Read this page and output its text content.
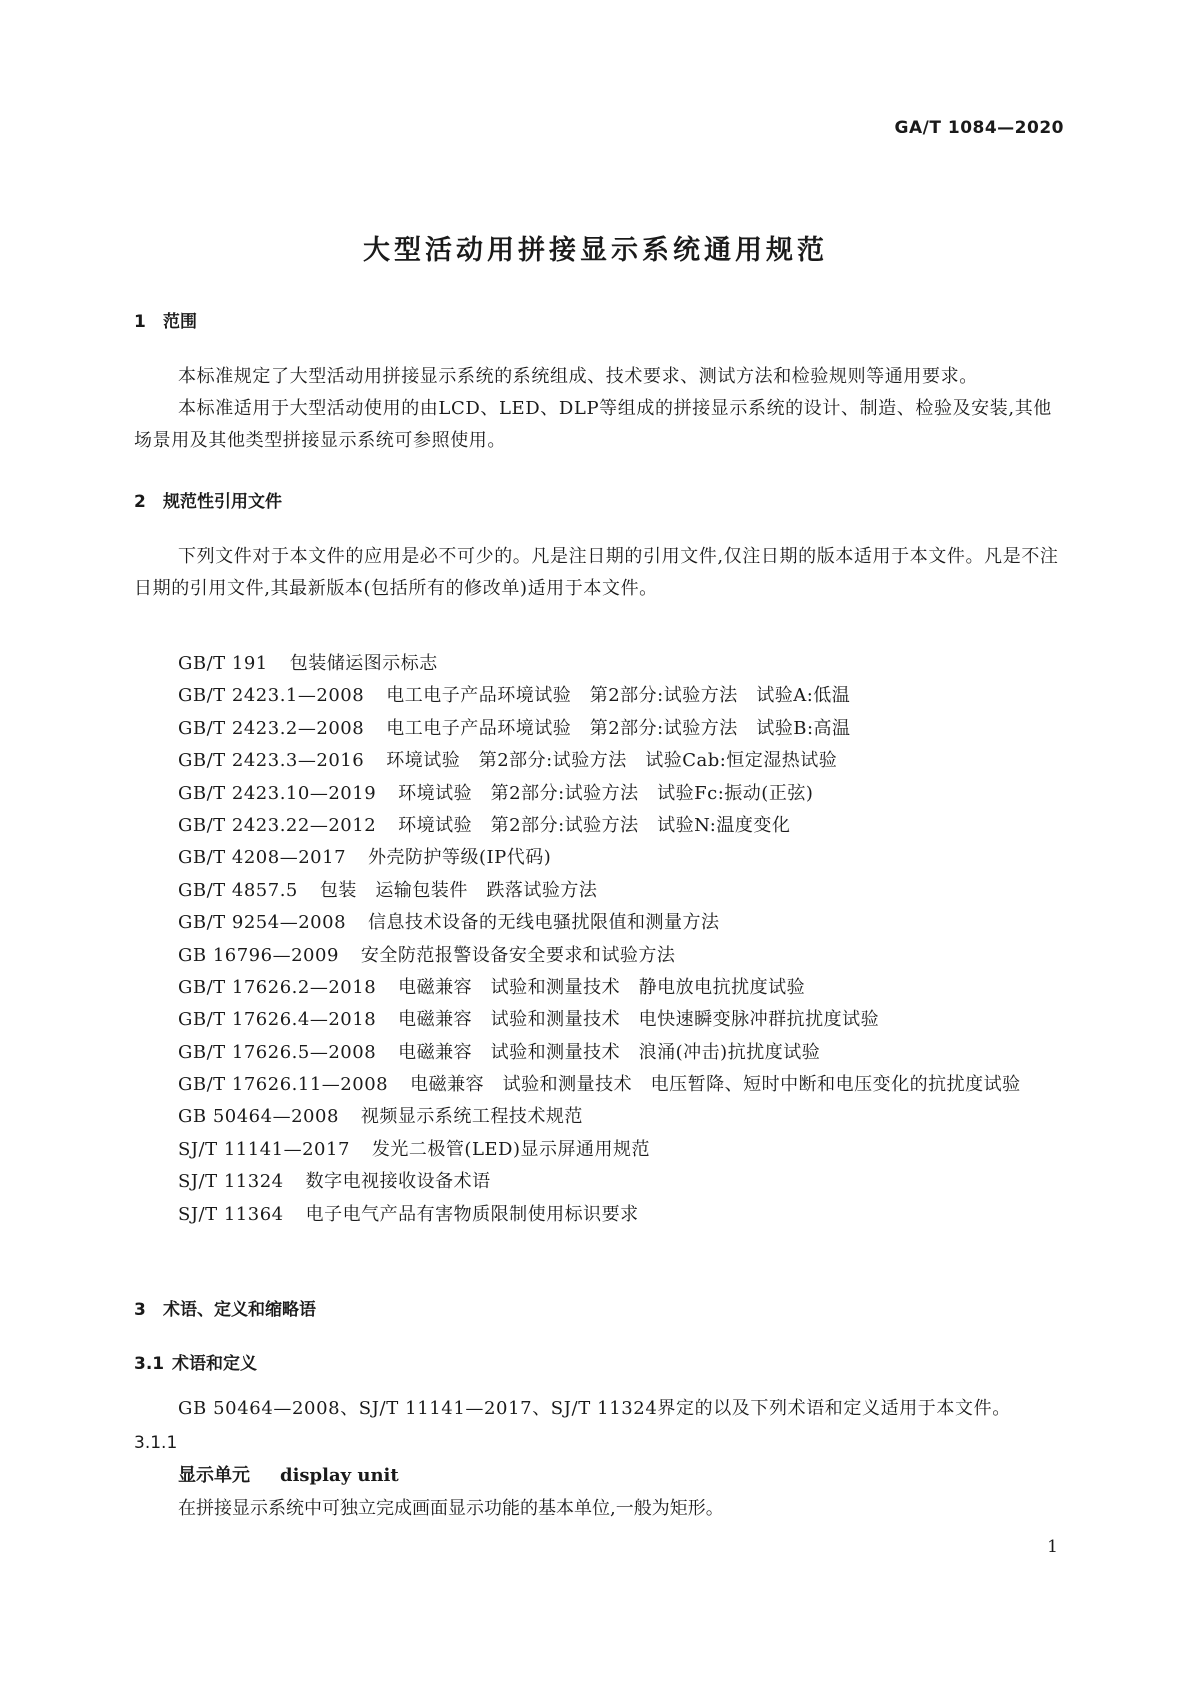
GA/T 1084—2020
大型活动用拼接显示系统通用规范
1 范围
本标准规定了大型活动用拼接显示系统的系统组成、技术要求、测试方法和检验规则等通用要求。
本标准适用于大型活动使用的由LCD、LED、DLP等组成的拼接显示系统的设计、制造、检验及安装,其他场景用及其他类型拼接显示系统可参照使用。
2 规范性引用文件
下列文件对于本文件的应用是必不可少的。凡是注日期的引用文件,仅注日期的版本适用于本文件。凡是不注日期的引用文件,其最新版本(包括所有的修改单)适用于本文件。
GB/T 191 包装储运图示标志
GB/T 2423.1—2008 电工电子产品环境试验　第2部分:试验方法　试验A:低温
GB/T 2423.2—2008 电工电子产品环境试验　第2部分:试验方法　试验B:高温
GB/T 2423.3—2016 环境试验　第2部分:试验方法　试验Cab:恒定湿热试验
GB/T 2423.10—2019 环境试验　第2部分:试验方法　试验Fc:振动(正弦)
GB/T 2423.22—2012 环境试验　第2部分:试验方法　试验N:温度变化
GB/T 4208—2017 外壳防护等级(IP代码)
GB/T 4857.5 包装　运输包装件　跌落试验方法
GB/T 9254—2008 信息技术设备的无线电骚扰限值和测量方法
GB 16796—2009 安全防范报警设备安全要求和试验方法
GB/T 17626.2—2018 电磁兼容　试验和测量技术　静电放电抗扰度试验
GB/T 17626.4—2018 电磁兼容　试验和测量技术　电快速瞬变脉冲群抗扰度试验
GB/T 17626.5—2008 电磁兼容　试验和测量技术　浪涌(冲击)抗扰度试验
GB/T 17626.11—2008 电磁兼容　试验和测量技术　电压暂降、短时中断和电压变化的抗扰度试验
GB 50464—2008 视频显示系统工程技术规范
SJ/T 11141—2017 发光二极管(LED)显示屏通用规范
SJ/T 11324 数字电视接收设备术语
SJ/T 11364 电子电气产品有害物质限制使用标识要求
3 术语、定义和缩略语
3.1 术语和定义
GB 50464—2008、SJ/T 11141—2017、SJ/T 11324界定的以及下列术语和定义适用于本文件。
3.1.1
显示单元 display unit
在拼接显示系统中可独立完成画面显示功能的基本单位,一般为矩形。
1
